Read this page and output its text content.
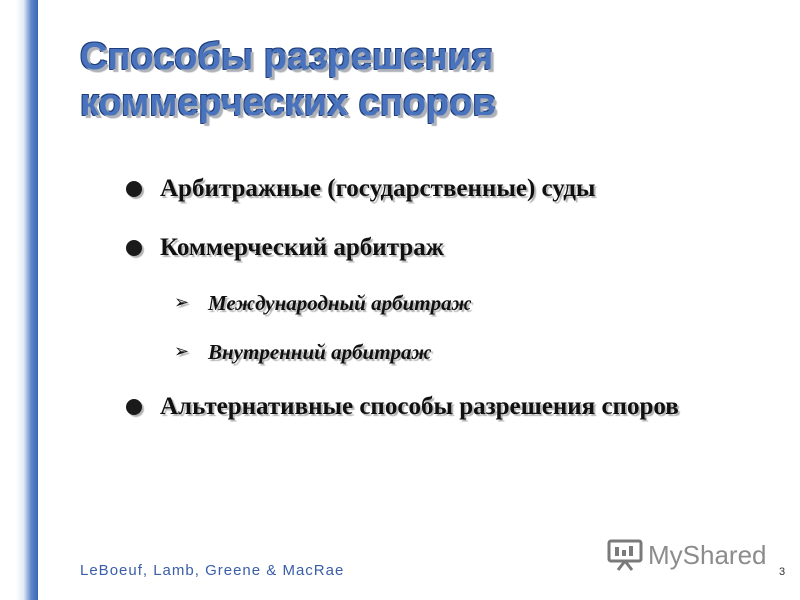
Способы разрешения
коммерческих споров
Арбитражные (государственные) суды
Коммерческий арбитраж
➢ Международный арбитраж
➢ Внутренний арбитраж
Альтернативные способы разрешения споров
LeBoeuf, Lamb, Greene & MacRae
MyShared
3
